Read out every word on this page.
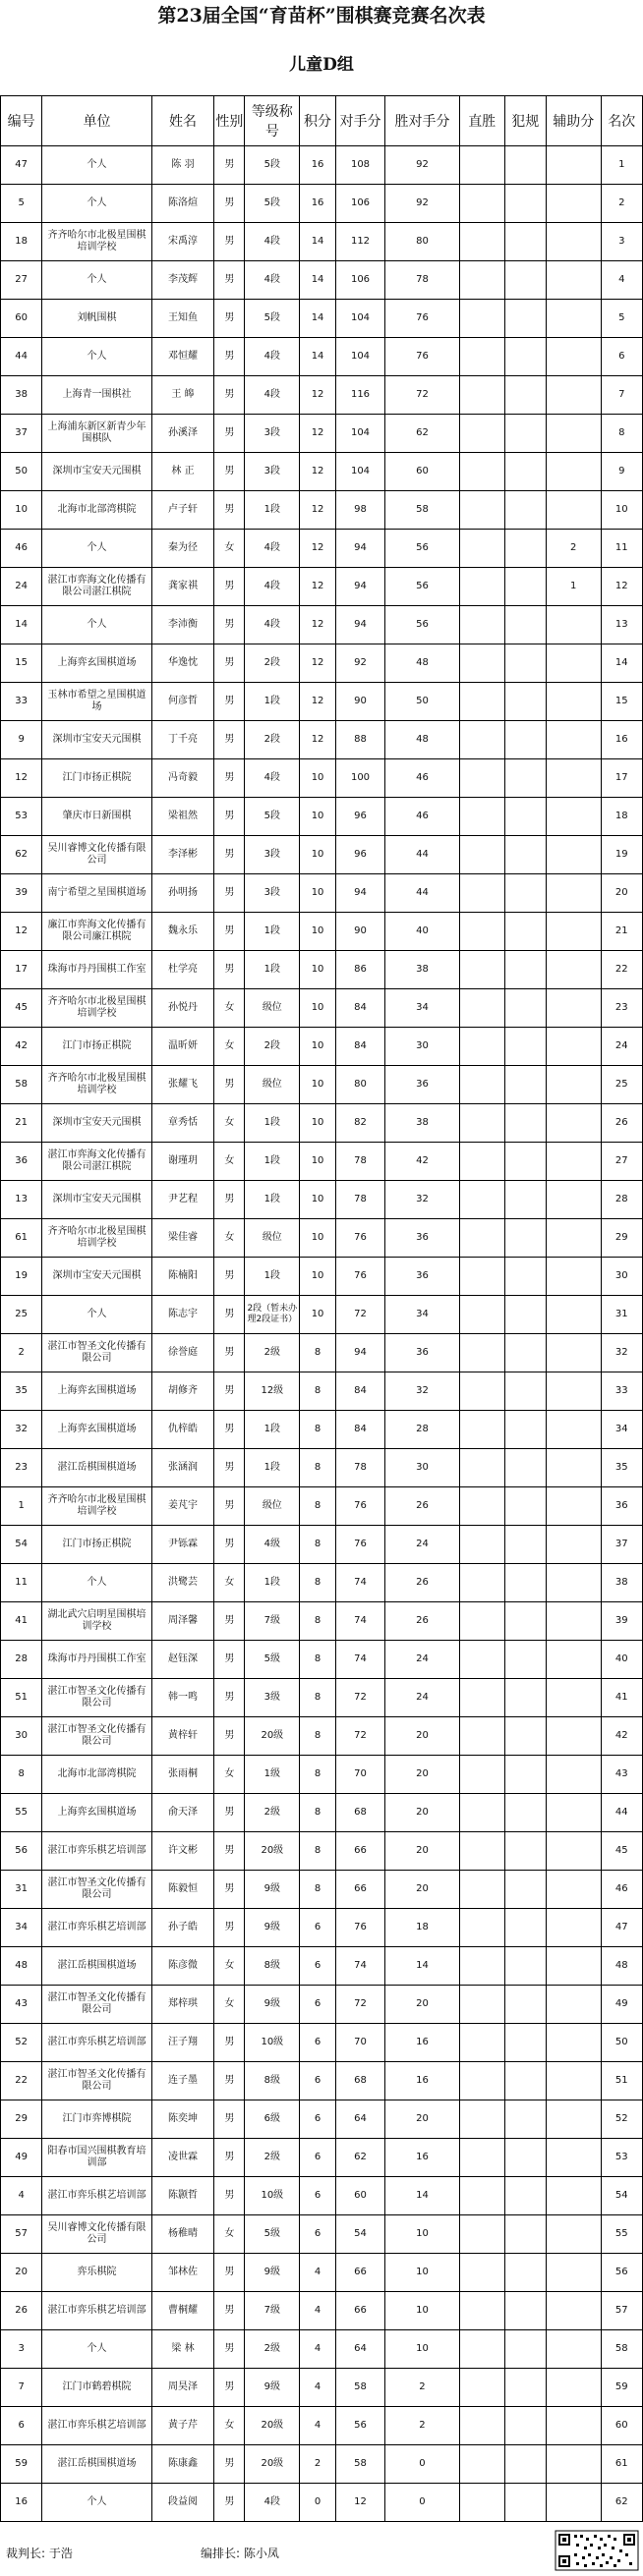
第23届全国“育苗杯”围棋赛竞赛名次表
儿童D组
编号	单位	姓名	性别	等级称号	积分	对手分	胜对手分	直胜	犯规	辅助分	名次
47	个人	陈 羽	男	5段	16	108	92				1
5	个人	陈洛煊	男	5段	16	106	92				2
18	齐齐哈尔市北极星围棋培训学校	宋禹淳	男	4段	14	112	80				3
27	个人	李茂辉	男	4段	14	106	78				4
60	刘帆围棋	王知鱼	男	5段	14	104	76				5
44	个人	邓恒耀	男	4段	14	104	76				6
38	上海青一围棋社	王 皞	男	4段	12	116	72				7
37	上海浦东新区新青少年围棋队	孙溪泽	男	3段	12	104	62				8
50	深圳市宝安天元围棋	林 正	男	3段	12	104	60				9
10	北海市北部湾棋院	卢子轩	男	1段	12	98	58				10
46	个人	秦为径	女	4段	12	94	56			2	11
24	湛江市弈海文化传播有限公司湛江棋院	龚家祺	男	4段	12	94	56			1	12
14	个人	李沛衡	男	4段	12	94	56				13
15	上海弈玄围棋道场	华逸忱	男	2段	12	92	48				14
33	玉林市希望之星围棋道场	何彦哲	男	1段	12	90	50				15
9	深圳市宝安天元围棋	丁千亮	男	2段	12	88	48				16
12	江门市扬正棋院	冯奇毅	男	4段	10	100	46				17
53	肇庆市日新围棋	梁祖然	男	5段	10	96	46				18
62	吴川睿博文化传播有限公司	李泽彬	男	3段	10	96	44				19
39	南宁希望之星围棋道场	孙明扬	男	3段	10	94	44				20
12	廉江市弈海文化传播有限公司廉江棋院	魏永乐	男	1段	10	90	40				21
17	珠海市丹丹围棋工作室	杜学亮	男	1段	10	86	38				22
45	齐齐哈尔市北极星围棋培训学校	孙悦丹	女	级位	10	84	34				23
42	江门市扬正棋院	温昕妍	女	2段	10	84	30				24
58	齐齐哈尔市北极星围棋培训学校	张耀飞	男	级位	10	80	36				25
21	深圳市宝安天元围棋	章秀恬	女	1段	10	82	38				26
36	湛江市弈海文化传播有限公司湛江棋院	谢瑾玥	女	1段	10	78	42				27
13	深圳市宝安天元围棋	尹艺程	男	1段	10	78	32				28
61	齐齐哈尔市北极星围棋培训学校	梁佳睿	女	级位	10	76	36				29
19	深圳市宝安天元围棋	陈楠阳	男	1段	10	76	36				30
25	个人	陈志宇	男	2段（暂未办理2段证书）	10	72	34				31
2	湛江市智圣文化传播有限公司	徐誉庭	男	2级	8	94	36				32
35	上海弈玄围棋道场	胡修齐	男	12级	8	84	32				33
32	上海弈玄围棋道场	仇梓皓	男	1段	8	84	28				34
23	湛江岳棋围棋道场	张涵润	男	1段	8	78	30				35
1	齐齐哈尔市北极星围棋培训学校	姜芃宇	男	级位	8	76	26				36
54	江门市扬正棋院	尹铄霖	男	4级	8	76	24				37
11	个人	洪鹭芸	女	1段	8	74	26				38
41	湖北武穴启明星围棋培训学校	周泽馨	男	7级	8	74	26				39
28	珠海市丹丹围棋工作室	赵钰深	男	5级	8	74	24				40
51	湛江市智圣文化传播有限公司	韩一鸣	男	3级	8	72	24				41
30	湛江市智圣文化传播有限公司	黄梓轩	男	20级	8	72	20				42
8	北海市北部湾棋院	张雨桐	女	1级	8	70	20				43
55	上海弈玄围棋道场	俞天泽	男	2级	8	68	20				44
56	湛江市弈乐棋艺培训部	许文彬	男	20级	8	66	20				45
31	湛江市智圣文化传播有限公司	陈毅恒	男	9级	8	66	20				46
34	湛江市弈乐棋艺培训部	孙子皓	男	9级	6	76	18				47
48	湛江岳棋围棋道场	陈彦微	女	8级	6	74	14				48
43	湛江市智圣文化传播有限公司	郑梓琪	女	9级	6	72	20				49
52	湛江市弈乐棋艺培训部	汪子翔	男	10级	6	70	16				50
22	湛江市智圣文化传播有限公司	连子墨	男	8级	6	68	16				51
29	江门市弈博棋院	陈奕坤	男	6级	6	64	20				52
49	阳春市国兴围棋教育培训部	凌世霖	男	2级	6	62	16				53
4	湛江市弈乐棋艺培训部	陈颢哲	男	10级	6	60	14				54
57	吴川睿博文化传播有限公司	杨稚晴	女	5级	6	54	10				55
20	弈乐棋院	邹林佐	男	9级	4	66	10				56
26	湛江市弈乐棋艺培训部	曹桐耀	男	7级	4	66	10				57
3	个人	梁 林	男	2级	4	64	10				58
7	江门市鹤碧棋院	周昊泽	男	9级	4	58	2				59
6	湛江市弈乐棋艺培训部	黄子芹	女	20级	4	56	2				60
59	湛江岳棋围棋道场	陈康鑫	男	20级	2	58	0				61
16	个人	段益阅	男	4段	0	12	0				62
裁判长: 于浩	编排长: 陈小凤
